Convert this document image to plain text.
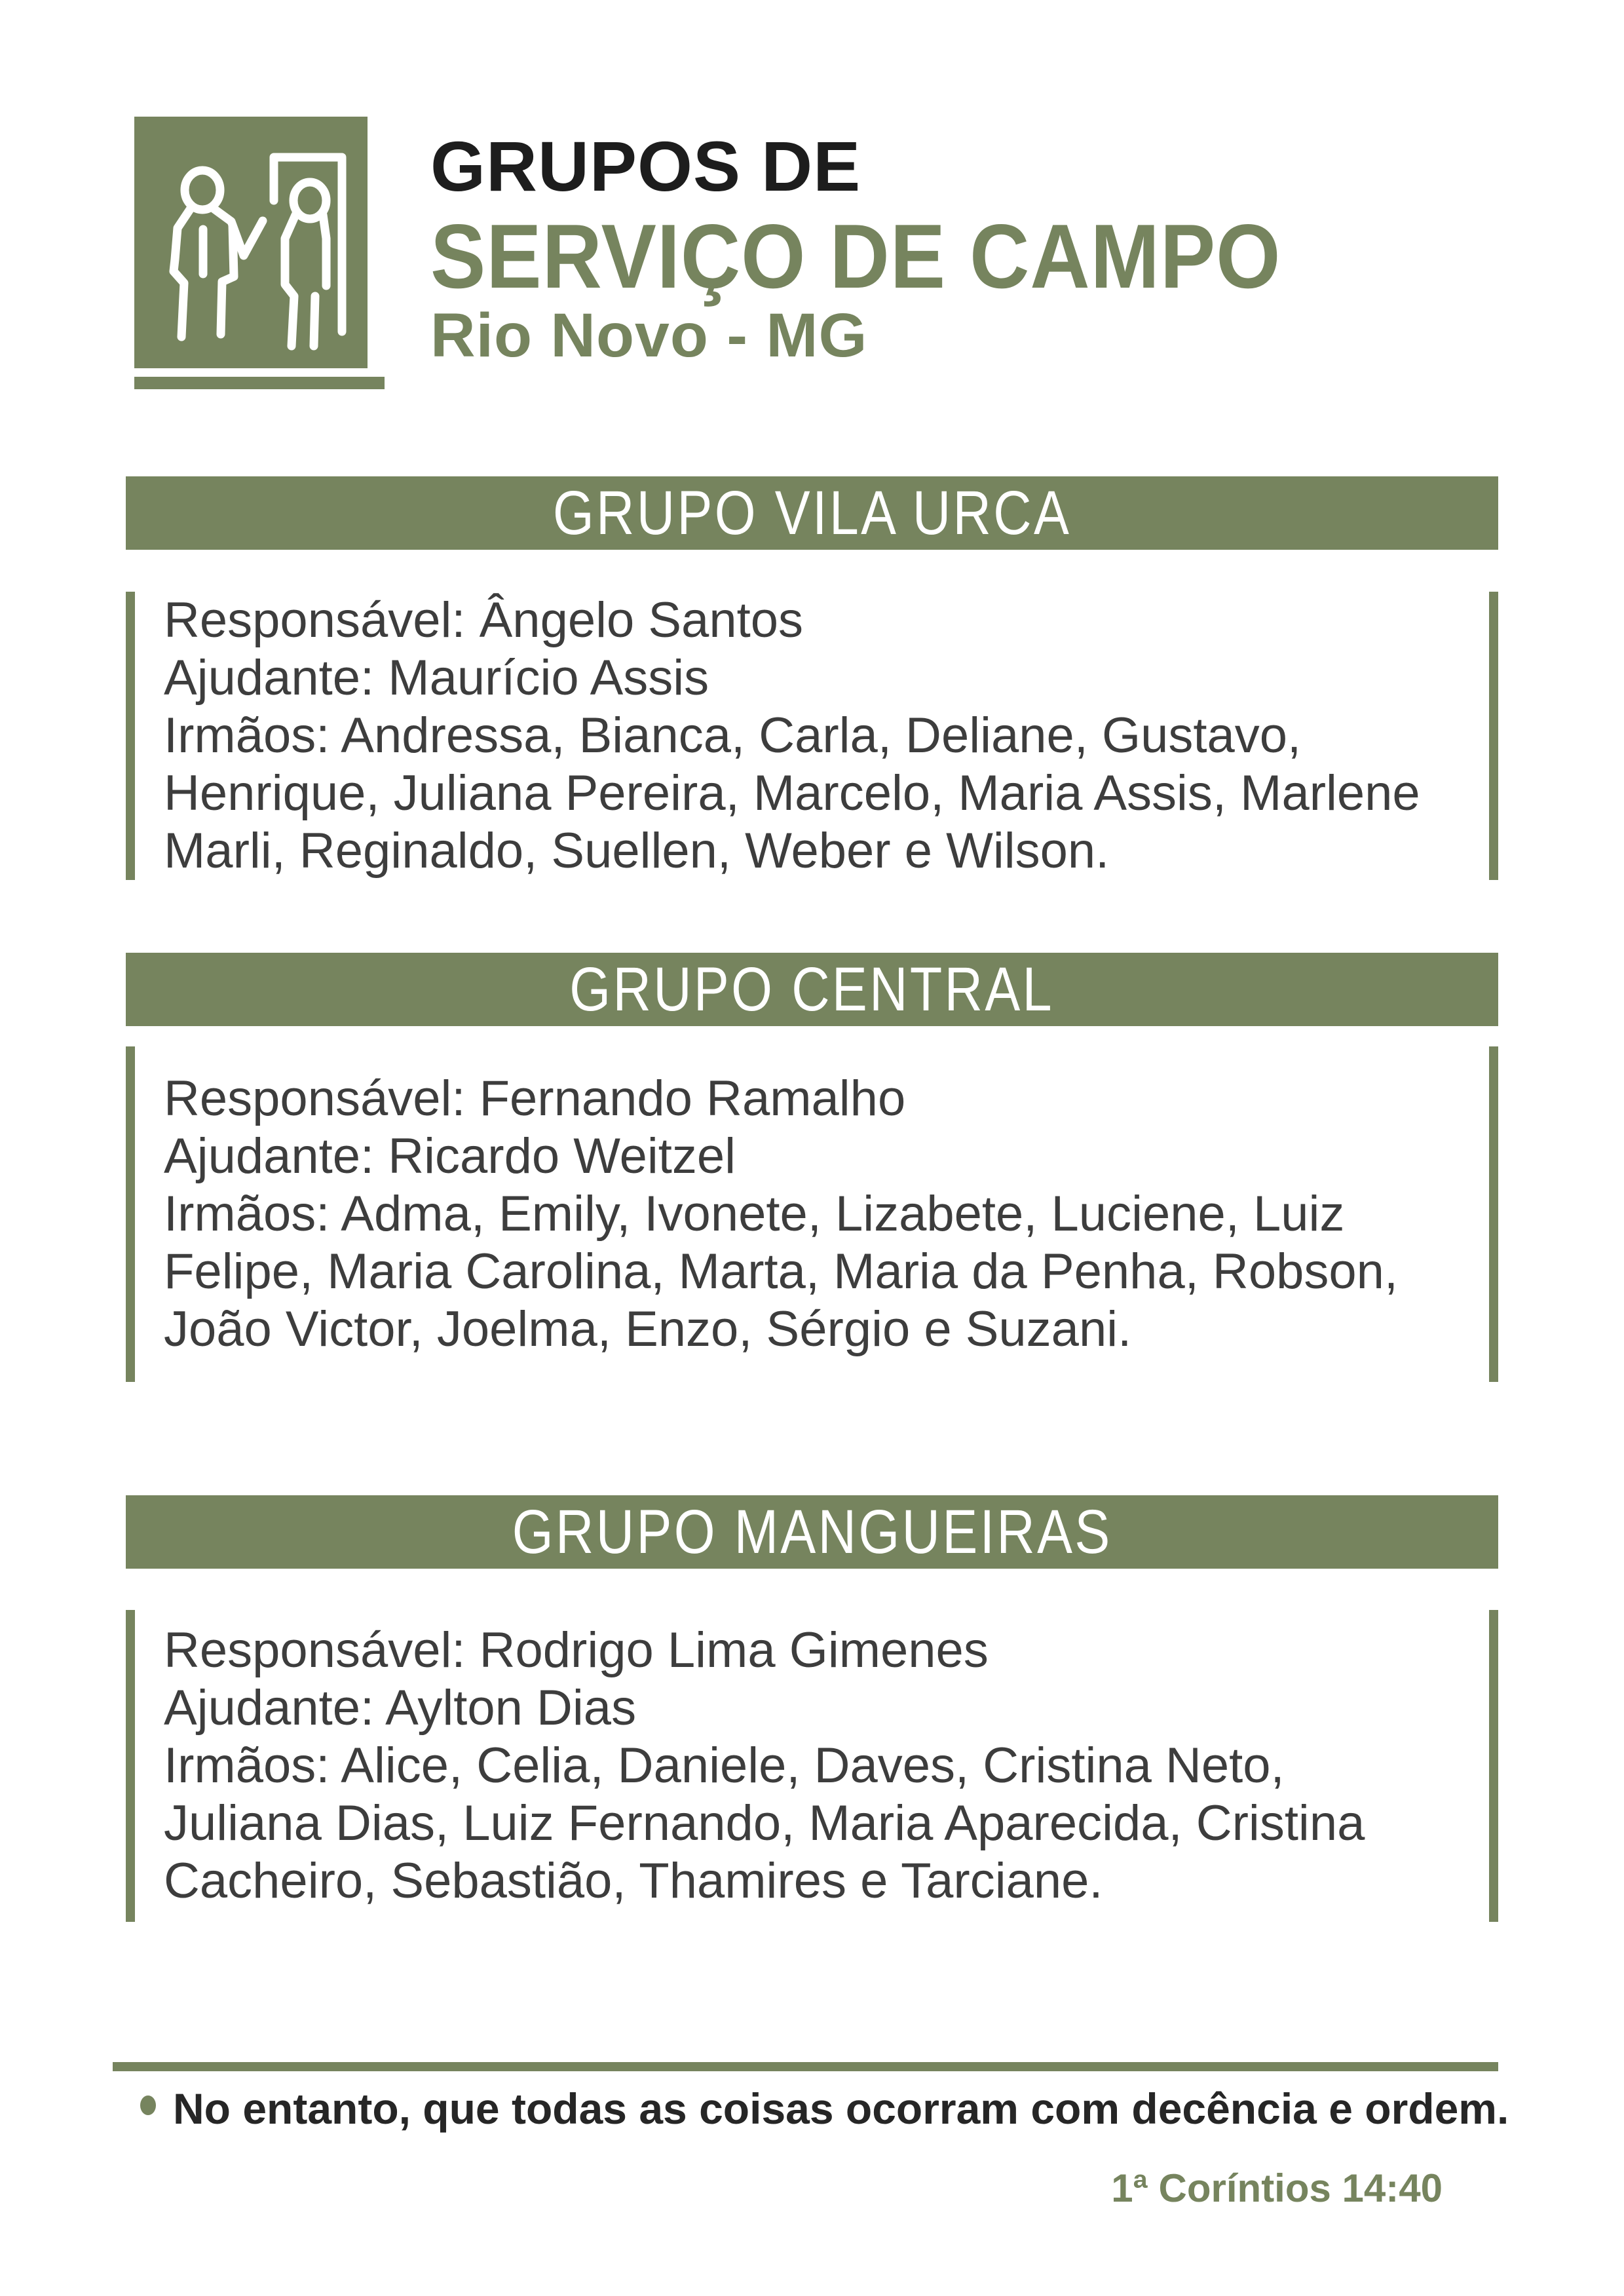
GRUPOS DE
SERVIÇO DE CAMPO
Rio Novo - MG
GRUPO VILA URCA

Responsável: Ângelo Santos

Ajudante: Maurício Assis

Irmãos: Andressa, Bianca, Carla, Deliane, Gustavo, Henrique, Juliana Pereira, Marcelo, Maria Assis, Marlene Marli, Reginaldo, Suellen, Weber e Wilson.

GRUPO CENTRAL

Responsável: Fernando Ramalho

Ajudante: Ricardo Weitzel

Irmãos: Adma, Emily, Ivonete, Lizabete, Luciene, Luiz Felipe, Maria Carolina, Marta, Maria da Penha, Robson, João Victor, Joelma, Enzo, Sérgio e Suzani.

GRUPO MANGUEIRAS

Responsável: Rodrigo Lima Gimenes

Ajudante: Aylton Dias

Irmãos: Alice, Celia, Daniele, Daves, Cristina Neto, Juliana Dias, Luiz Fernando, Maria Aparecida, Cristina Cacheiro, Sebastião, Thamires e Tarciane.

No entanto, que todas as coisas ocorram com decência e ordem.
1ª Coríntios 14:40
